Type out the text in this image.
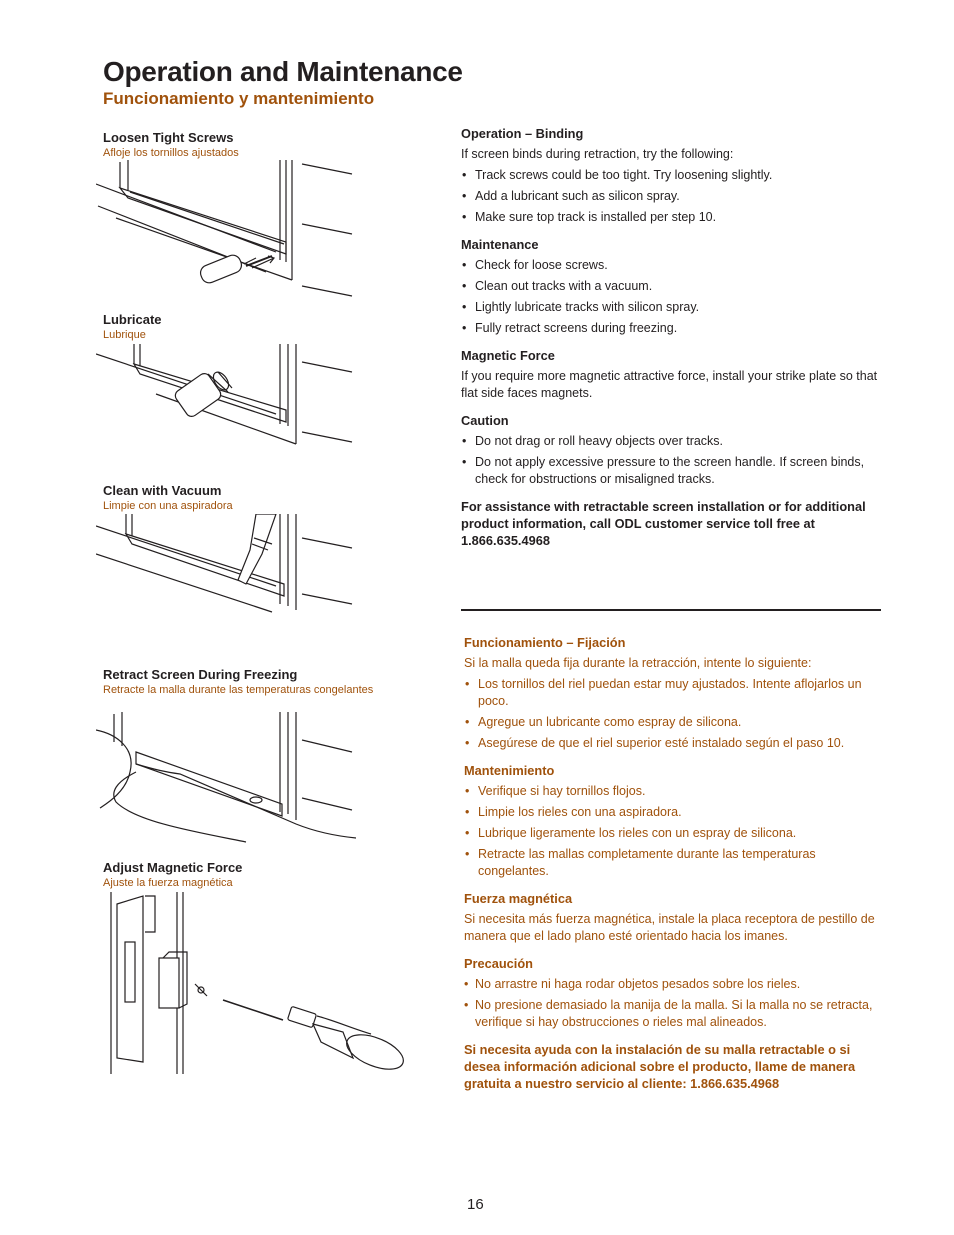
Operation and Maintenance
Funcionamiento y mantenimiento
Loosen Tight Screws
Afloje los tornillos ajustados
Lubricate
Lubrique
Clean with Vacuum
Limpie con una aspiradora
Retract Screen During Freezing
Retracte la malla durante las temperaturas congelantes
Adjust Magnetic Force
Ajuste la fuerza magnética
Operation – Binding

If screen binds during retraction, try the following:

• Track screws could be too tight. Try loosening slightly.
• Add a lubricant such as silicon spray.
• Make sure top track is installed per step 10.
Maintenance
• Check for loose screws.
• Clean out tracks with a vacuum.
• Lightly lubricate tracks with silicon spray.
• Fully retract screens during freezing.
Magnetic Force

If you require more magnetic attractive force, install your strike plate so that flat side faces magnets.

Caution
• Do not drag or roll heavy objects over tracks.
• Do not apply excessive pressure to the screen handle. If screen binds, check for obstructions or misaligned tracks.
For assistance with retractable screen installation or for additional product information, call ODL customer service toll free at 1.866.635.4968
Funcionamiento – Fijación

Si la malla queda fija durante la retracción, intente lo siguiente:

• Los tornillos del riel puedan estar muy ajustados. Intente aflojarlos un poco.
• Agregue un lubricante como espray de silicona.
• Asegúrese de que el riel superior esté instalado según el paso 10.
Mantenimiento
• Verifique si hay tornillos flojos.
• Limpie los rieles con una aspiradora.
• Lubrique ligeramente los rieles con un espray de silicona.
• Retracte las mallas completamente durante las temperaturas congelantes.
Fuerza magnética

Si necesita más fuerza magnética, instale la placa receptora de pestillo de manera que el lado plano esté orientado hacia los imanes.

Precaución
• No arrastre ni haga rodar objetos pesados sobre los rieles.
• No presione demasiado la manija de la malla. Si la malla no se retracta, verifique si hay obstrucciones o rieles mal alineados.
Si necesita ayuda con la instalación de su malla retractable o si desea información adicional sobre el producto, llame de manera gratuita a nuestro servicio al cliente: 1.866.635.4968
16
